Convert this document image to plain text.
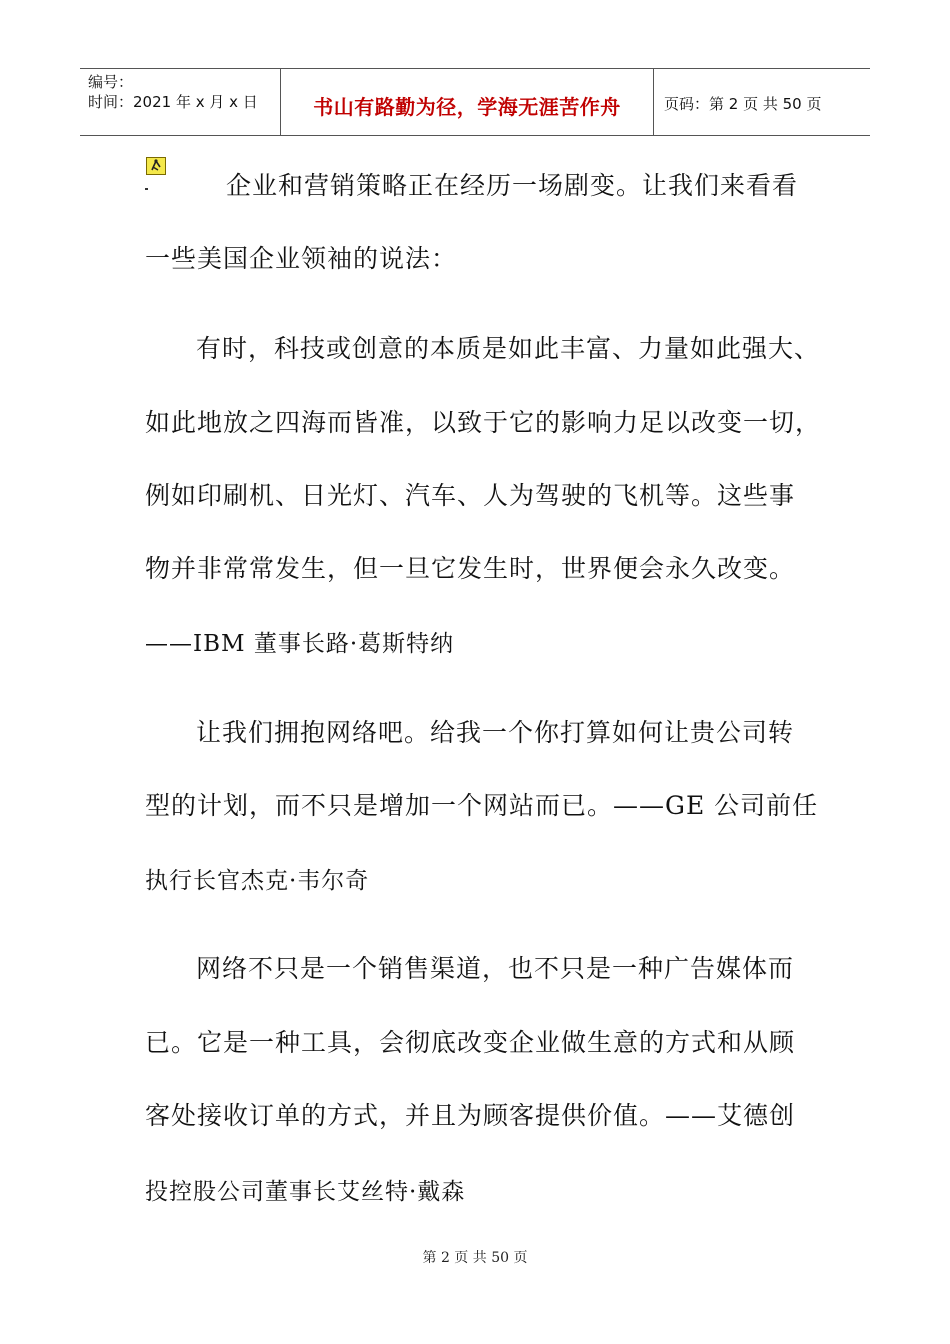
编号：
时间：2021 年 x 月 x 日	书山有路勤为径，学海无涯苦作舟	页码：第 2 页 共 50 页
企业和营销策略正在经历一场剧变。让我们来看看
一些美国企业领袖的说法：
有时，科技或创意的本质是如此丰富、力量如此强大、
如此地放之四海而皆准，以致于它的影响力足以改变一切，
例如印刷机、日光灯、汽车、人为驾驶的飞机等。这些事
物并非常常发生，但一旦它发生时，世界便会永久改变。
——IBM 董事长路·葛斯特纳
让我们拥抱网络吧。给我一个你打算如何让贵公司转
型的计划，而不只是增加一个网站而已。——GE 公司前任
执行长官杰克·韦尔奇
网络不只是一个销售渠道，也不只是一种广告媒体而
已。它是一种工具，会彻底改变企业做生意的方式和从顾
客处接收订单的方式，并且为顾客提供价值。——艾德创
投控股公司董事长艾丝特·戴森
第 2 页 共 50 页
